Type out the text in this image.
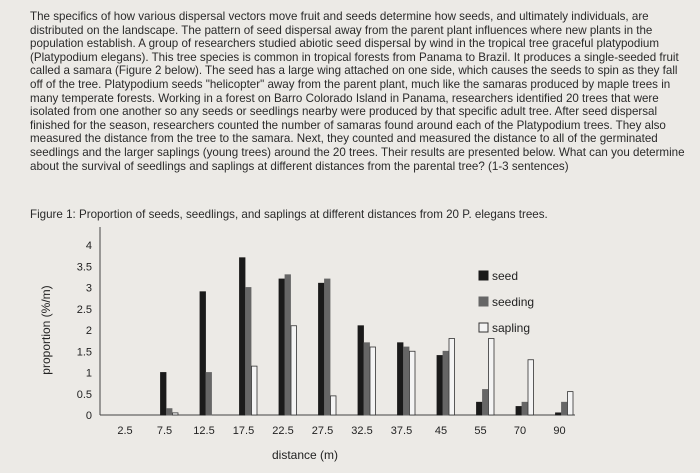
The specifics of how various dispersal vectors move fruit and seeds determine how seeds, and ultimately individuals, are distributed on the landscape. The pattern of seed dispersal away from the parent plant influences where new plants in the population establish. A group of researchers studied abiotic seed dispersal by wind in the tropical tree graceful platypodium (Platypodium elegans). This tree species is common in tropical forests from Panama to Brazil. It produces a single-seeded fruit called a samara (Figure 2 below). The seed has a large wing attached on one side, which causes the seeds to spin as they fall off of the tree. Platypodium seeds "helicopter" away from the parent plant, much like the samaras produced by maple trees in many temperate forests. Working in a forest on Barro Colorado Island in Panama, researchers identified 20 trees that were isolated from one another so any seeds or seedlings nearby were produced by that specific adult tree. After seed dispersal finished for the season, researchers counted the number of samaras found around each of the Platypodium trees. They also measured the distance from the tree to the samara. Next, they counted and measured the distance to all of the germinated seedlings and the larger saplings (young trees) around the 20 trees. Their results are presented below. What can you determine about the survival of seedlings and saplings at different distances from the parental tree? (1-3 sentences)
Figure 1: Proportion of seeds, seedlings, and saplings at different distances from 20 P. elegans trees.
0
0.5
1
1.5
2
2.5
3
3.5
4
2.5 7.5 12.5 17.5 22.5 27.5 32.5 37.5 45 55 70 90
distance (m)
proportion (%/m)
seed
seeding
sapling
